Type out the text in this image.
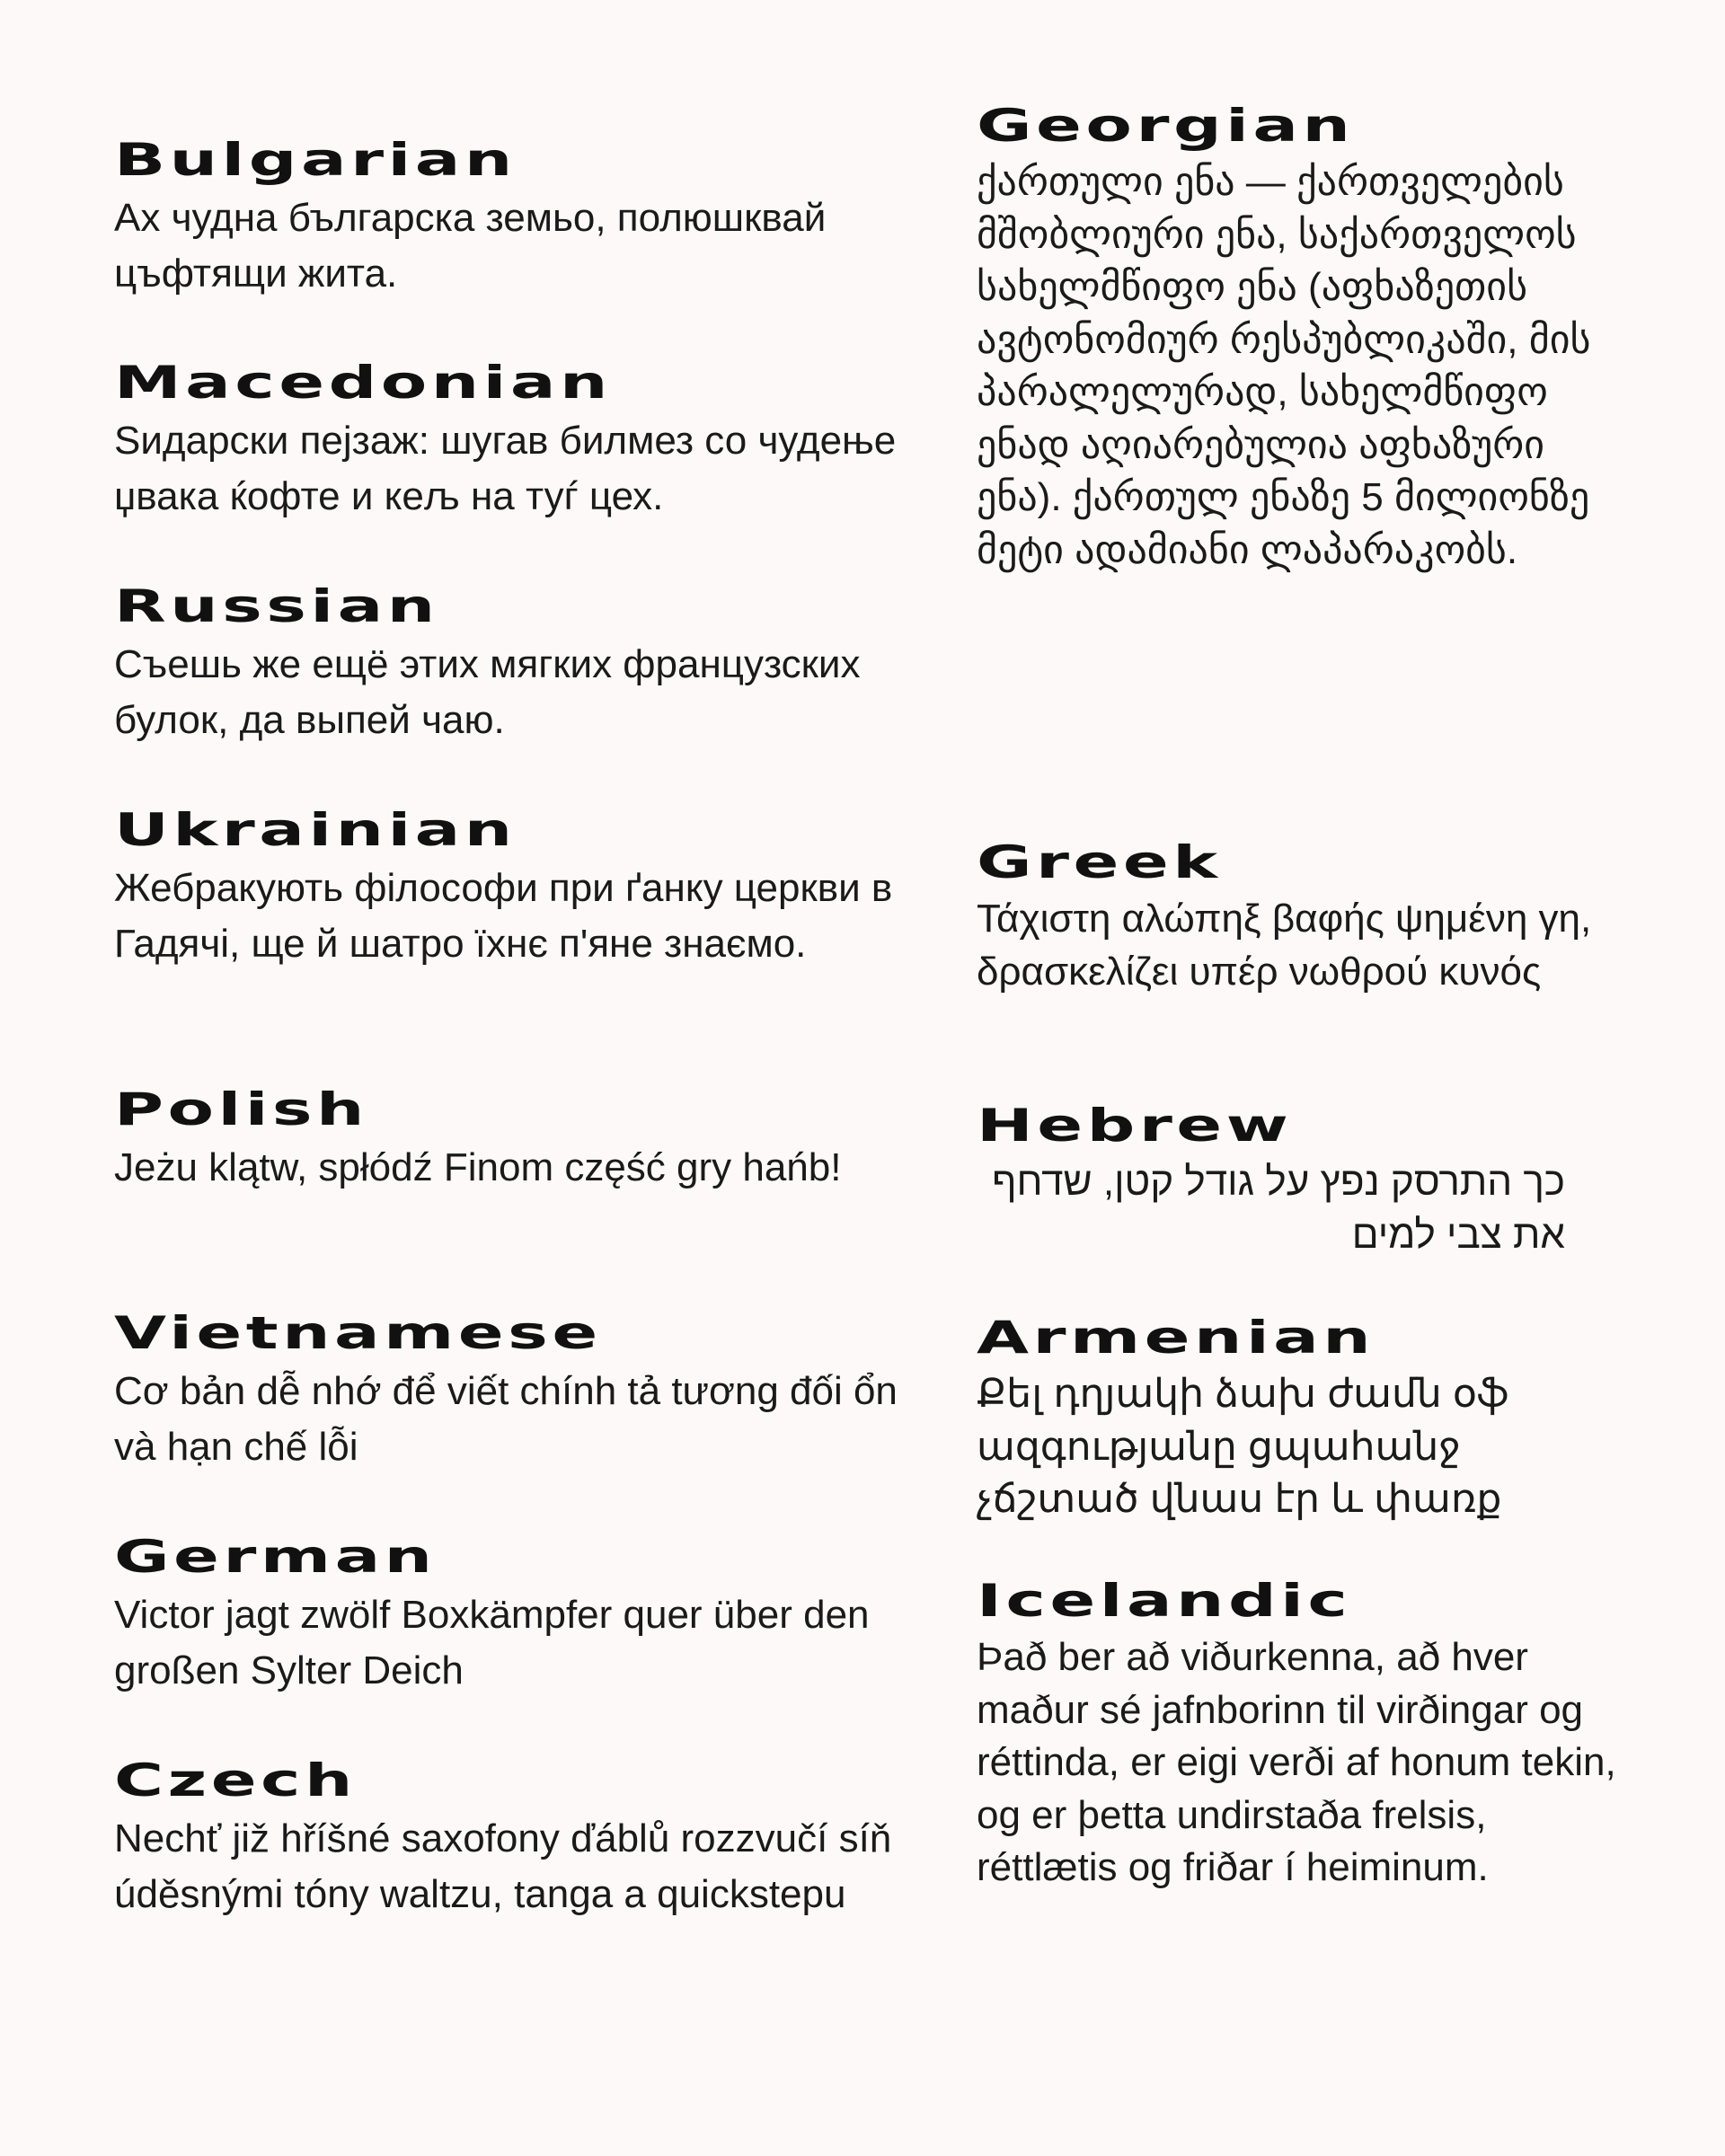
Bulgarian

Ах чудна българска земьо, полюшквай цъфтящи жита.

Macedonian

Ѕидарски пејзаж: шугав билмез со чудење џвака ќофте и кељ на туѓ цех.

Russian

Съешь же ещё этих мягких французских булок, да выпей чаю.

Ukrainian

Жебракують філософи при ґанку церкви в Гадячі, ще й шатро їхнє п'яне знаємо.

Polish

Jeżu klątw, spłódź Finom część gry hańb!

Vietnamese

Cơ bản dễ nhớ để viết chính tả tương đối ổn và hạn chế lỗi

German

Victor jagt zwölf Boxkämpfer quer über den großen Sylter Deich

Czech

Nechť již hříšné saxofony ďáblů rozzvučí síň úděsnými tóny waltzu, tanga a quickstepu

Georgian

ქართული ენა — ქართველების მშობლიური ენა, საქართველოს სახელმწიფო ენა (აფხაზეთის ავტონომიურ რესპუბლიკაში, მის პარალელურად, სახელმწიფო ენად აღიარებულია აფხაზური ენა). ქართულ ენაზე 5 მილიონზე მეტი ადამიანი ლაპარაკობს.

Greek

Τάχιστη αλώπηξ βαφής ψημένη γη, δρασκελίζει υπέρ νωθρού κυνός

Hebrew

כך התרסק נפץ על גודל קטן, שדחף את צבי למים

Armenian

Քել դղյակի ձախ ժամն օֆ ազգությանը ցպահանջ չճշտած վնաս էր և փառք

Icelandic

Það ber að viðurkenna, að hver maður sé jafnborinn til virðingar og réttinda, er eigi verði af honum tekin, og er þetta undirstaða frelsis, réttlætis og friðar í heiminum.
